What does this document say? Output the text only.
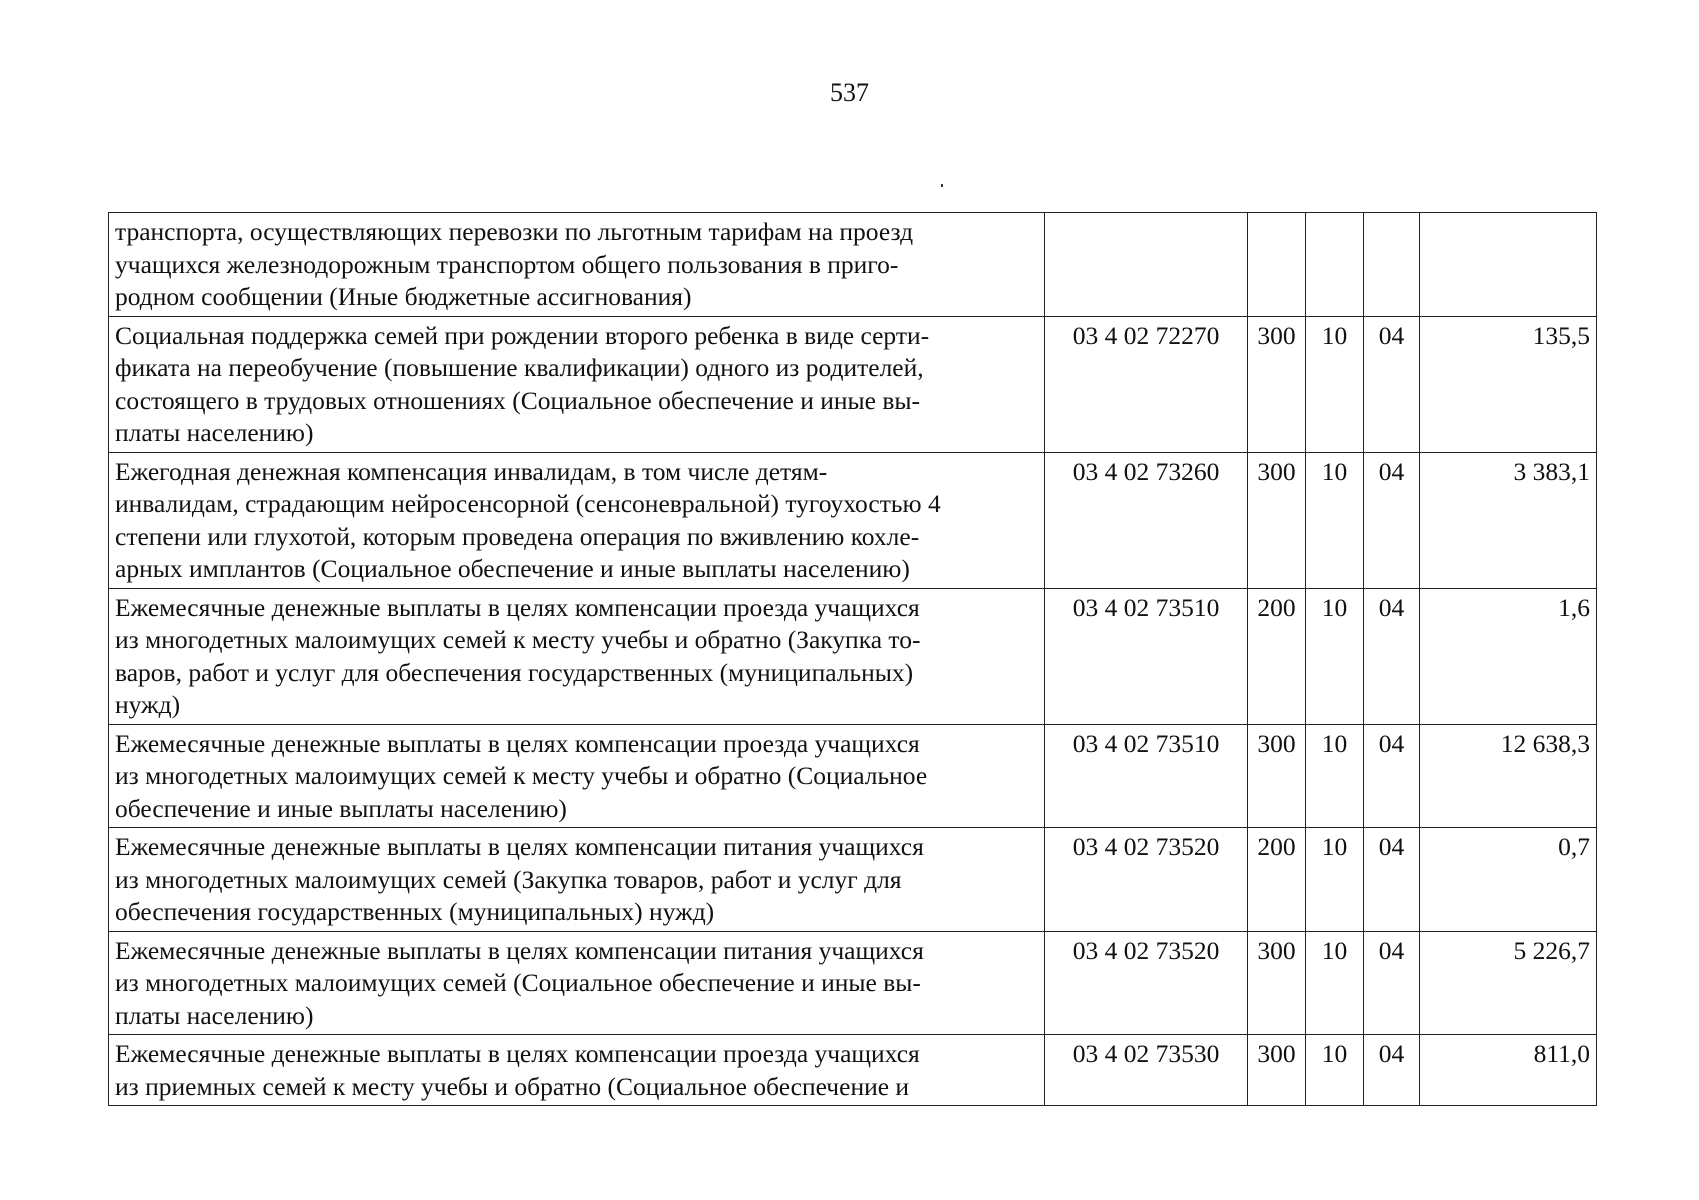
537
транспорта, осуществляющих перевозки по льготным тарифам на проезд
учащихся железнодорожным транспортом общего пользования в приго-
родном сообщении (Иные бюджетные ассигнования)					

Социальная поддержка семей при рождении второго ребенка в виде серти-
фиката на переобучение (повышение квалификации) одного из родителей,
состоящего в трудовых отношениях (Социальное обеспечение и иные вы-
платы населению)	03 4 02 72270	300	10	04	135,5

Ежегодная денежная компенсация инвалидам, в том числе детям-
инвалидам, страдающим нейросенсорной (сенсоневральной) тугоухостью 4
степени или глухотой, которым проведена операция по вживлению кохле-
арных имплантов (Социальное обеспечение и иные выплаты населению)	03 4 02 73260	300	10	04	3 383,1

Ежемесячные денежные выплаты в целях компенсации проезда учащихся
из многодетных малоимущих семей к месту учебы и обратно (Закупка то-
варов, работ и услуг для обеспечения государственных (муниципальных)
нужд)	03 4 02 73510	200	10	04	1,6

Ежемесячные денежные выплаты в целях компенсации проезда учащихся
из многодетных малоимущих семей к месту учебы и обратно (Социальное
обеспечение и иные выплаты населению)	03 4 02 73510	300	10	04	12 638,3

Ежемесячные денежные выплаты в целях компенсации питания учащихся
из многодетных малоимущих семей (Закупка товаров, работ и услуг для
обеспечения государственных (муниципальных) нужд)	03 4 02 73520	200	10	04	0,7

Ежемесячные денежные выплаты в целях компенсации питания учащихся
из многодетных малоимущих семей (Социальное обеспечение и иные вы-
платы населению)	03 4 02 73520	300	10	04	5 226,7

Ежемесячные денежные выплаты в целях компенсации проезда учащихся
из приемных семей к месту учебы и обратно (Социальное обеспечение и	03 4 02 73530	300	10	04	811,0
